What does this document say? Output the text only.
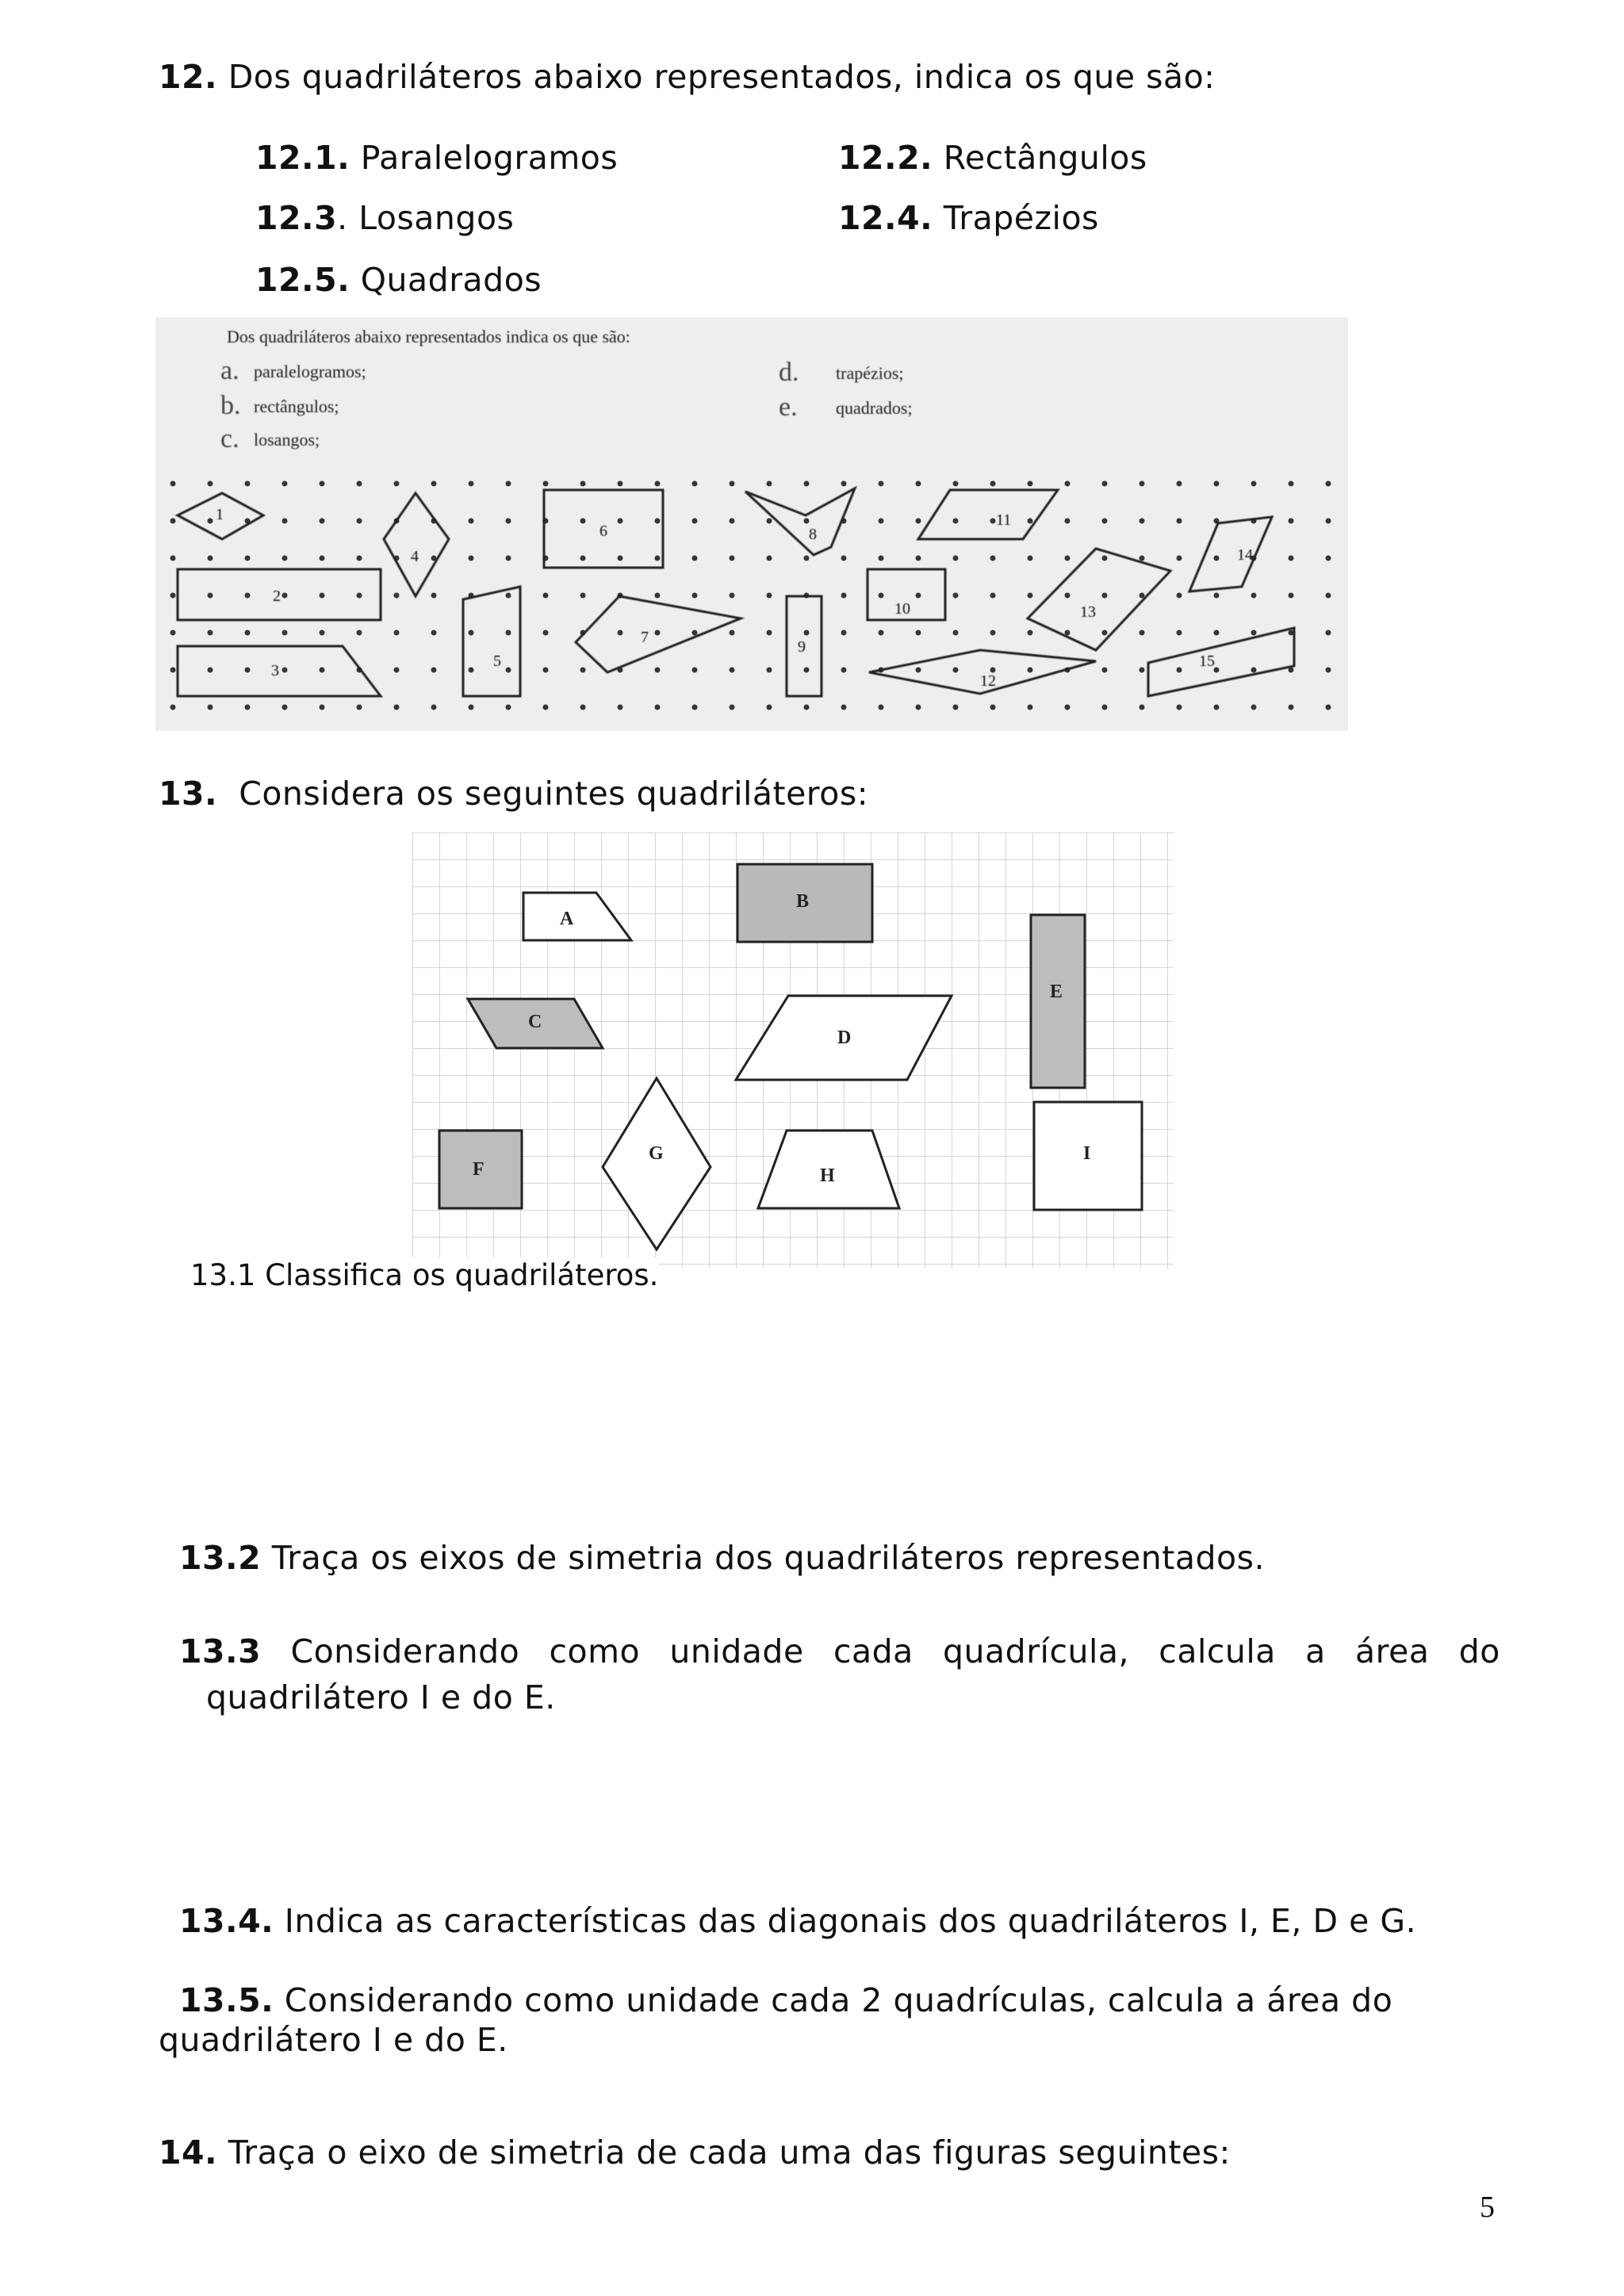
12. Dos quadriláteros abaixo representados, indica os que são:
12.1. Paralelogramos	12.2. Rectângulos
12.3. Losangos	12.4. Trapézios
12.5. Quadrados
Dos quadriláteros abaixo representados indica os que são:
a. paralelogramos;
b. rectângulos;
c. losangos;
d. trapézios;
e. quadrados;
1
2
3
4
5
6
7
8
9
10
11
12
13
14
15
13. Considera os seguintes quadriláteros:
A
B
C
D
E
F
G
H
I
13.1 Classifica os quadriláteros.
13.2 Traça os eixos de simetria dos quadriláteros representados.
13.3 Considerando como unidade cada quadrícula, calcula a área do
quadrilátero I e do E.
13.4. Indica as características das diagonais dos quadriláteros I, E, D e G.
13.5. Considerando como unidade cada 2 quadrículas, calcula a área do
quadrilátero I e do E.
14. Traça o eixo de simetria de cada uma das figuras seguintes:
5
